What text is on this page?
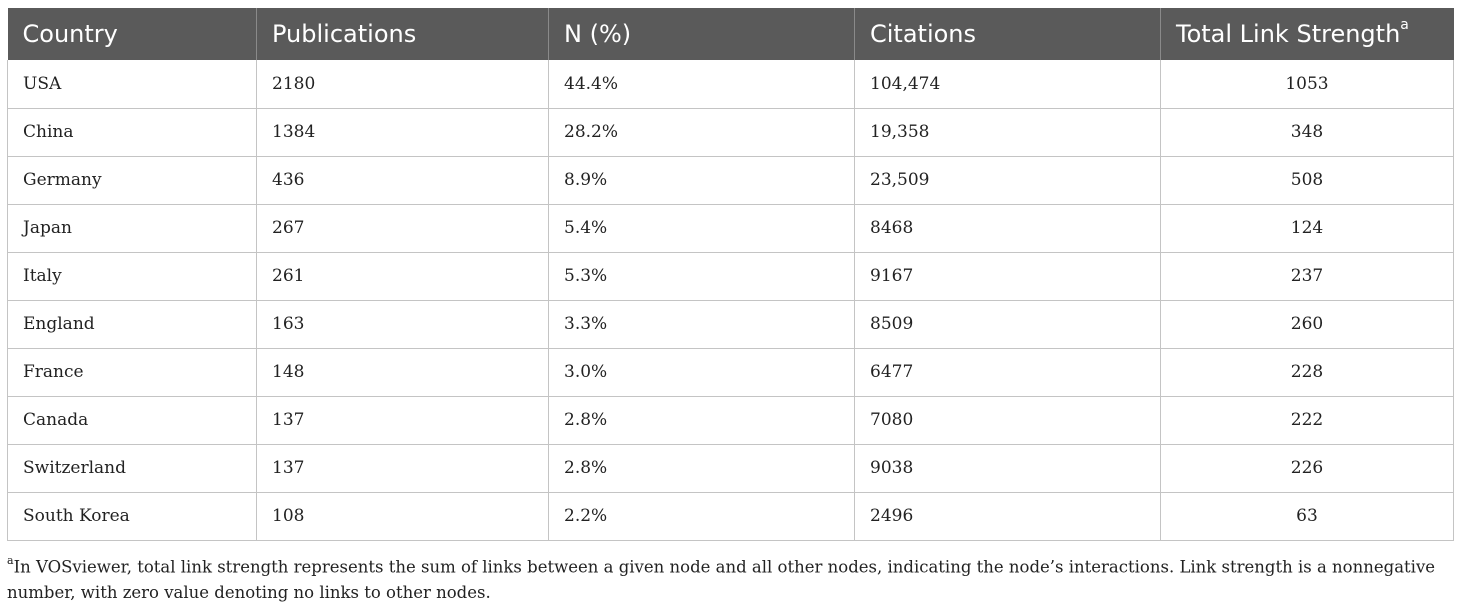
Country	Publications	N (%)	Citations	Total Link Strength$^a$
USA	2180	44.4%	104,474	1053
China	1384	28.2%	19,358	348
Germany	436	8.9%	23,509	508
Japan	267	5.4%	8468	124
Italy	261	5.3%	9167	237
England	163	3.3%	8509	260
France	148	3.0%	6477	228
Canada	137	2.8%	7080	222
Switzerland	137	2.8%	9038	226
South Korea	108	2.2%	2496	63
$^a$In VOSviewer, total link strength represents the sum of links between a given node and all other nodes, indicating the node’s interactions. Link strength is a nonnegative number, with zero value denoting no links to other nodes.
